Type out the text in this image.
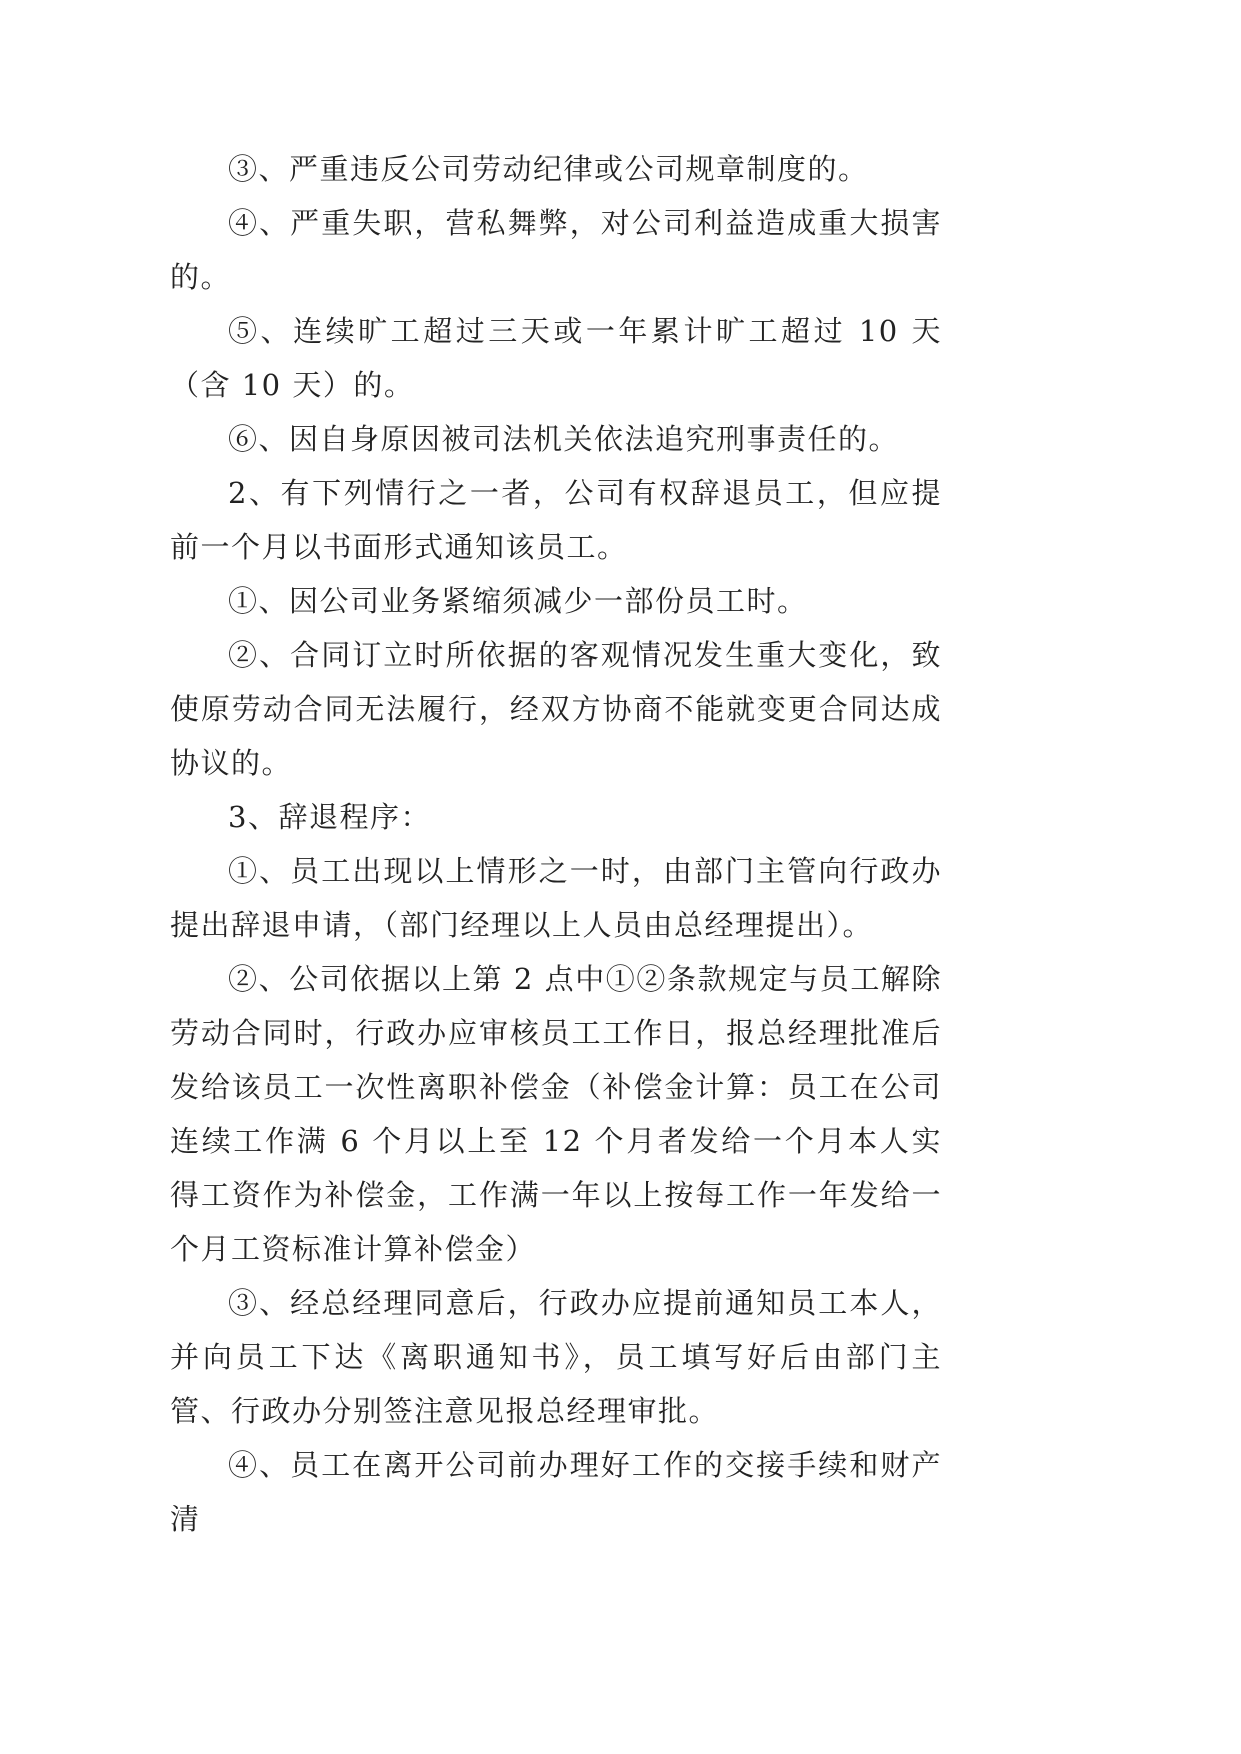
③、严重违反公司劳动纪律或公司规章制度的。

④、严重失职，营私舞弊，对公司利益造成重大损害的。

⑤、连续旷工超过三天或一年累计旷工超过 10 天（含 10 天）的。

⑥、因自身原因被司法机关依法追究刑事责任的。

2、有下列情行之一者，公司有权辞退员工，但应提前一个月以书面形式通知该员工。

①、因公司业务紧缩须减少一部份员工时。

②、合同订立时所依据的客观情况发生重大变化，致使原劳动合同无法履行，经双方协商不能就变更合同达成协议的。

3、辞退程序：

①、员工出现以上情形之一时，由部门主管向行政办提出辞退申请，（部门经理以上人员由总经理提出）。

②、公司依据以上第 2 点中①②条款规定与员工解除劳动合同时，行政办应审核员工工作日，报总经理批准后发给该员工一次性离职补偿金（补偿金计算：员工在公司连续工作满 6 个月以上至 12 个月者发给一个月本人实得工资作为补偿金，工作满一年以上按每工作一年发给一个月工资标准计算补偿金）

③、经总经理同意后，行政办应提前通知员工本人，并向员工下达《离职通知书》，员工填写好后由部门主管、行政办分别签注意见报总经理审批。

④、员工在离开公司前办理好工作的交接手续和财产清
